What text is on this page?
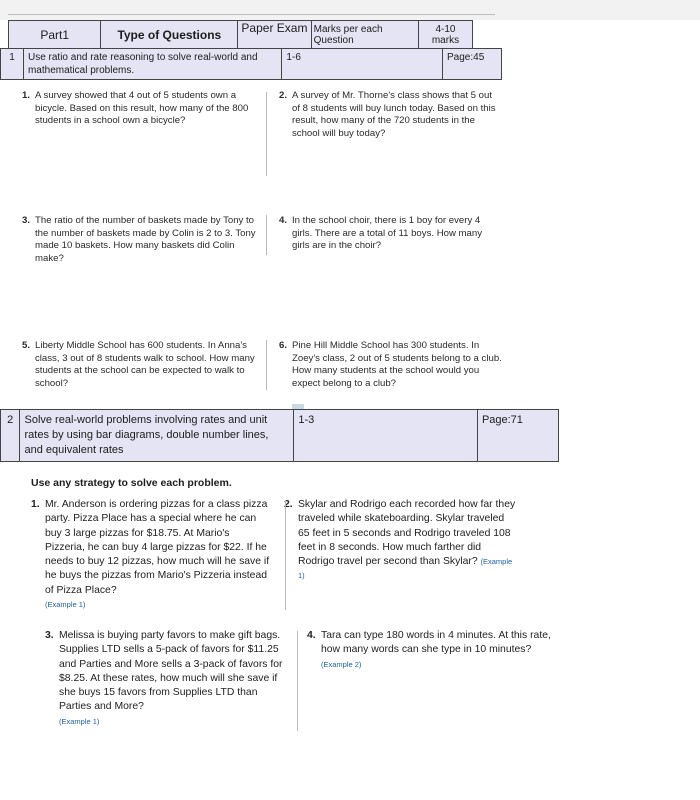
Part1	Type of Questions	Paper Exam	Marks per each Question	4-10 marks
1	Use ratio and rate reasoning to solve real-world and mathematical problems.	1-6	Page:45
1. A survey showed that 4 out of 5 students own a bicycle. Based on this result, how many of the 800 students in a school own a bicycle?
2. A survey of Mr. Thorne's class shows that 5 out of 8 students will buy lunch today. Based on this result, how many of the 720 students in the school will buy today?
3. The ratio of the number of baskets made by Tony to the number of baskets made by Colin is 2 to 3. Tony made 10 baskets. How many baskets did Colin make?
4. In the school choir, there is 1 boy for every 4 girls. There are a total of 11 boys. How many girls are in the choir?
5. Liberty Middle School has 600 students. In Anna's class, 3 out of 8 students walk to school. How many students at the school can be expected to walk to school?
6. Pine Hill Middle School has 300 students. In Zoey's class, 2 out of 5 students belong to a club. How many students at the school would you expect belong to a club?
2	Solve real-world problems involving rates and unit rates by using bar diagrams, double number lines, and equivalent rates	1-3	Page:71
Use any strategy to solve each problem.
1. Mr. Anderson is ordering pizzas for a class pizza party. Pizza Place has a special where he can buy 3 large pizzas for $18.75. At Mario's Pizzeria, he can buy 4 large pizzas for $22. If he needs to buy 12 pizzas, how much will he save if he buys the pizzas from Mario's Pizzeria instead of Pizza Place?
(Example 1)
2. Skylar and Rodrigo each recorded how far they traveled while skateboarding. Skylar traveled 65 feet in 5 seconds and Rodrigo traveled 108 feet in 8 seconds. How much farther did Rodrigo travel per second than Skylar? (Example 1)
3. Melissa is buying party favors to make gift bags. Supplies LTD sells a 5-pack of favors for $11.25 and Parties and More sells a 3-pack of favors for $8.25. At these rates, how much will she save if she buys 15 favors from Supplies LTD than Parties and More?
(Example 1)
4. Tara can type 180 words in 4 minutes. At this rate, how many words can she type in 10 minutes? (Example 2)
